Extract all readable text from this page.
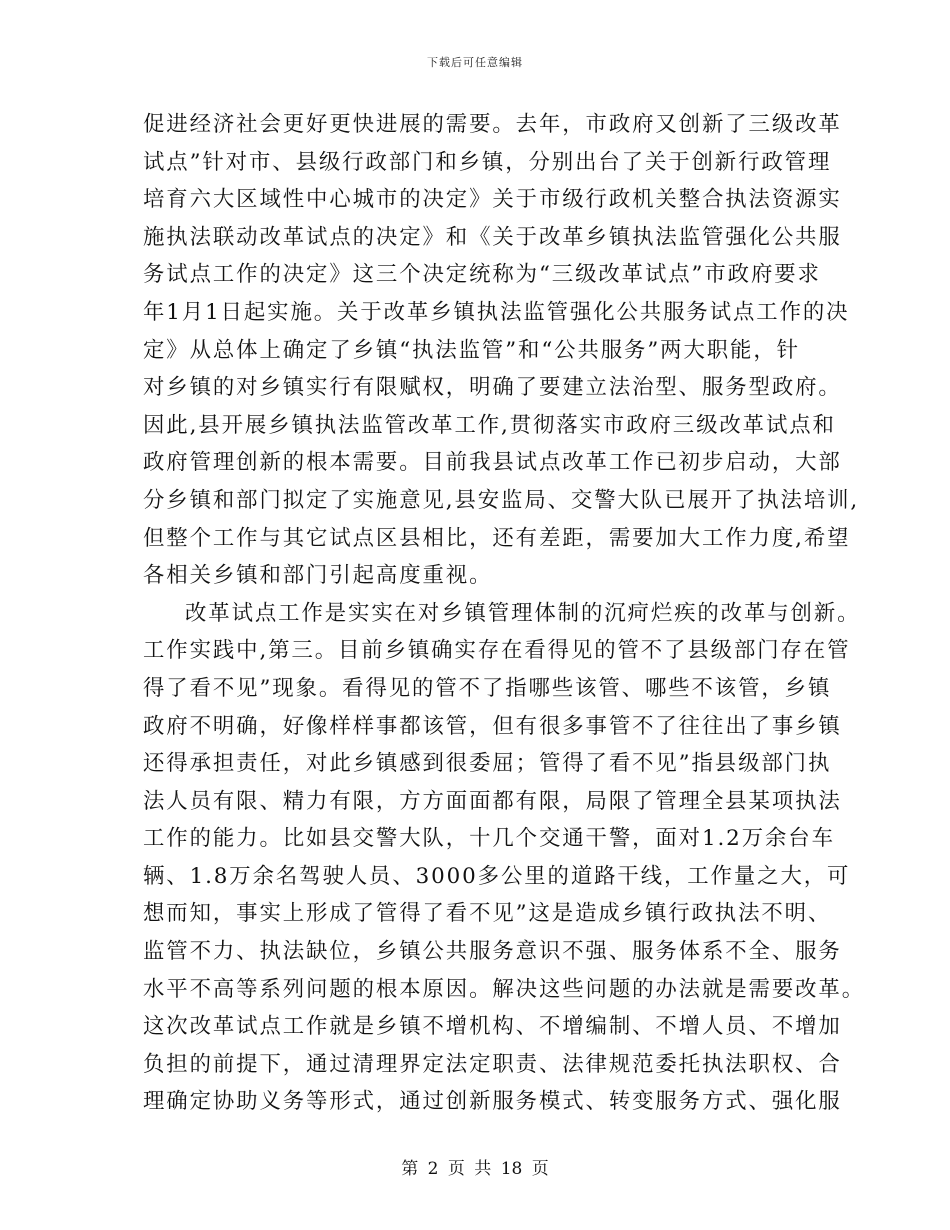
下载后可任意编辑
促进经济社会更好更快进展的需要。去年，市政府又创新了三级改革
试点”针对市、县级行政部门和乡镇，分别出台了关于创新行政管理
培育六大区域性中心城市的决定》关于市级行政机关整合执法资源实
施执法联动改革试点的决定》和《关于改革乡镇执法监管强化公共服
务试点工作的决定》这三个决定统称为“三级改革试点”市政府要求
年1月1日起实施。关于改革乡镇执法监管强化公共服务试点工作的决
定》从总体上确定了乡镇“执法监管”和“公共服务”两大职能，针
对乡镇的对乡镇实行有限赋权，明确了要建立法治型、服务型政府。
因此,县开展乡镇执法监管改革工作,贯彻落实市政府三级改革试点和
政府管理创新的根本需要。目前我县试点改革工作已初步启动，大部
分乡镇和部门拟定了实施意见,县安监局、交警大队已展开了执法培训,
但整个工作与其它试点区县相比，还有差距，需要加大工作力度,希望
各相关乡镇和部门引起高度重视。
改革试点工作是实实在对乡镇管理体制的沉疴烂疾的改革与创新。
工作实践中,第三。目前乡镇确实存在看得见的管不了县级部门存在管
得了看不见”现象。看得见的管不了指哪些该管、哪些不该管，乡镇
政府不明确，好像样样事都该管，但有很多事管不了往往出了事乡镇
还得承担责任，对此乡镇感到很委屈；管得了看不见”指县级部门执
法人员有限、精力有限，方方面面都有限，局限了管理全县某项执法
工作的能力。比如县交警大队，十几个交通干警，面对1.2万余台车
辆、1.8万余名驾驶人员、3000多公里的道路干线，工作量之大，可
想而知，事实上形成了管得了看不见”这是造成乡镇行政执法不明、
监管不力、执法缺位，乡镇公共服务意识不强、服务体系不全、服务
水平不高等系列问题的根本原因。解决这些问题的办法就是需要改革。
这次改革试点工作就是乡镇不增机构、不增编制、不增人员、不增加
负担的前提下，通过清理界定法定职责、法律规范委托执法职权、合
理确定协助义务等形式，通过创新服务模式、转变服务方式、强化服
第 2 页 共 18 页
